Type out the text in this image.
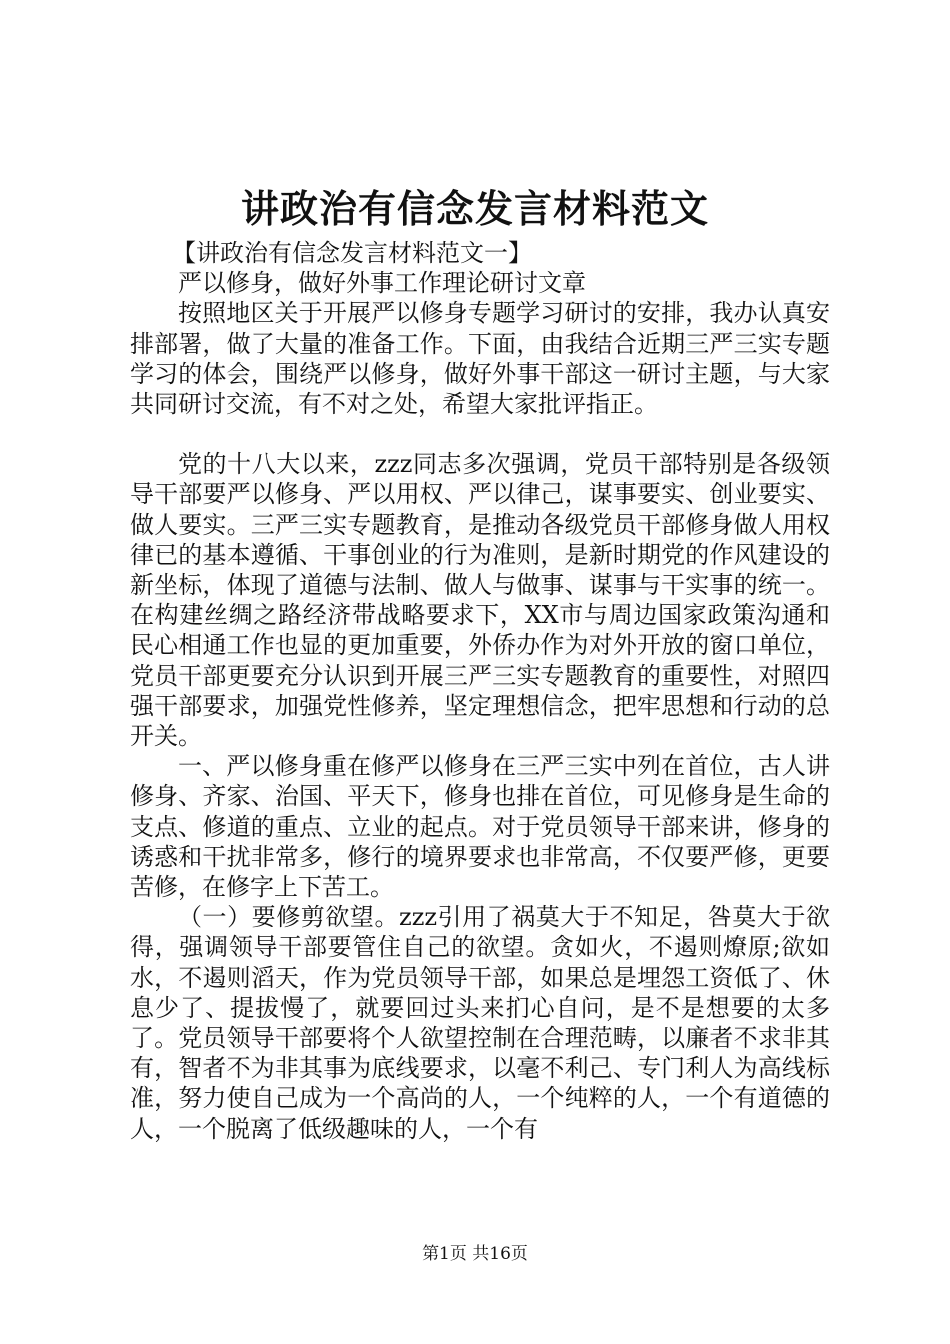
讲政治有信念发言材料范文

【讲政治有信念发言材料范文一】

严以修身，做好外事工作理论研讨文章

按照地区关于开展严以修身专题学习研讨的安排，我办认真安排部署，做了大量的准备工作。下面，由我结合近期三严三实专题学习的体会，围绕严以修身，做好外事干部这一研讨主题，与大家共同研讨交流，有不对之处，希望大家批评指正。

党的十八大以来，zzz同志多次强调，党员干部特别是各级领导干部要严以修身、严以用权、严以律己，谋事要实、创业要实、做人要实。三严三实专题教育，是推动各级党员干部修身做人用权律已的基本遵循、干事创业的行为准则，是新时期党的作风建设的新坐标，体现了道德与法制、做人与做事、谋事与干实事的统一。在构建丝绸之路经济带战略要求下，XX市与周边国家政策沟通和民心相通工作也显的更加重要，外侨办作为对外开放的窗口单位，党员干部更要充分认识到开展三严三实专题教育的重要性，对照四强干部要求，加强党性修养，坚定理想信念，把牢思想和行动的总开关。

一、严以修身重在修严以修身在三严三实中列在首位，古人讲修身、齐家、治国、平天下，修身也排在首位，可见修身是生命的支点、修道的重点、立业的起点。对于党员领导干部来讲，修身的诱惑和干扰非常多，修行的境界要求也非常高，不仅要严修，更要苦修，在修字上下苦工。

（一）要修剪欲望。zzz引用了祸莫大于不知足，咎莫大于欲得，强调领导干部要管住自己的欲望。贪如火，不遏则燎原;欲如水，不遏则滔天，作为党员领导干部，如果总是埋怨工资低了、休息少了、提拔慢了，就要回过头来扪心自问，是不是想要的太多了。党员领导干部要将个人欲望控制在合理范畴，以廉者不求非其有，智者不为非其事为底线要求，以毫不利己、专门利人为高线标准，努力使自己成为一个高尚的人，一个纯粹的人，一个有道德的人，一个脱离了低级趣味的人，一个有

第1页 共16页
